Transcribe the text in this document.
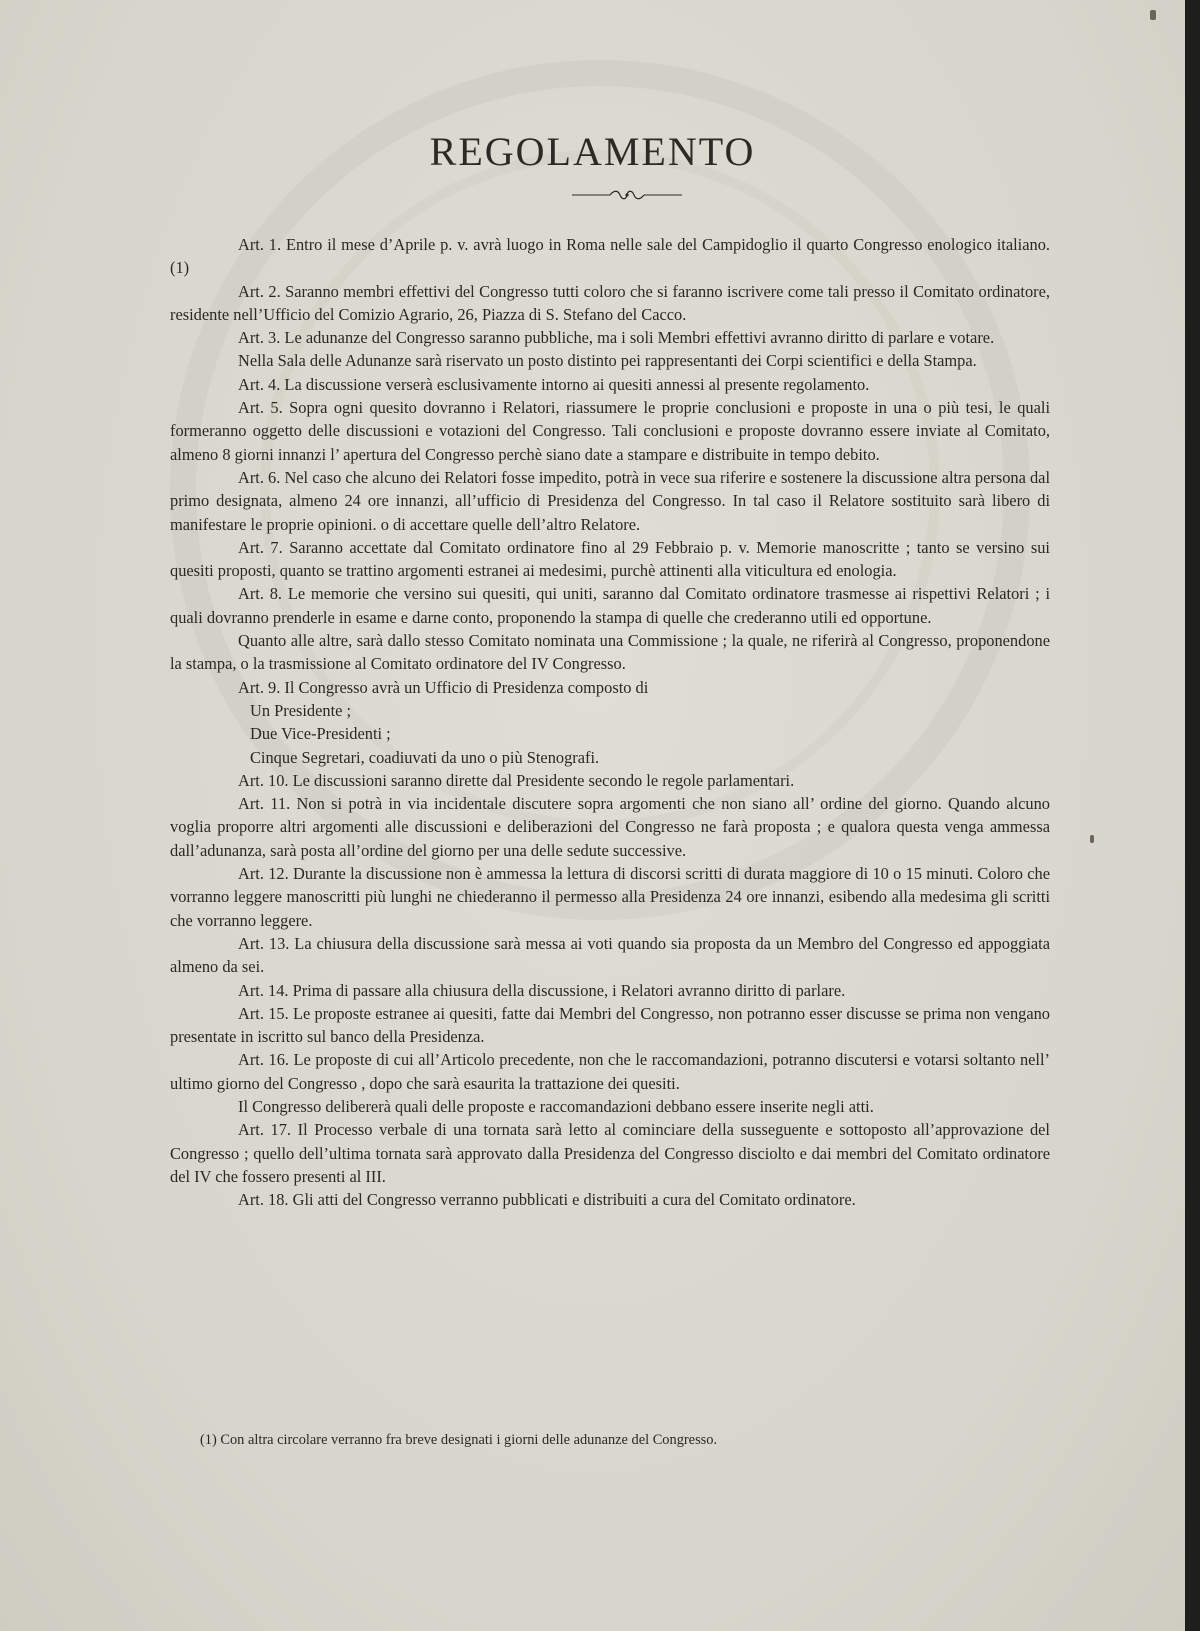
REGOLAMENTO

Art. 1. Entro il mese d’Aprile p. v. avrà luogo in Roma nelle sale del Campidoglio il quarto Congresso enologico italiano. (1)

Art. 2. Saranno membri effettivi del Congresso tutti coloro che si faranno iscrivere come tali presso il Comitato ordinatore, residente nell’Ufficio del Comizio Agrario, 26, Piazza di S. Stefano del Cacco.

Art. 3. Le adunanze del Congresso saranno pubbliche, ma i soli Membri effettivi avranno diritto di parlare e votare.

Nella Sala delle Adunanze sarà riservato un posto distinto pei rappresentanti dei Corpi scientifici e della Stampa.

Art. 4. La discussione verserà esclusivamente intorno ai quesiti annessi al presente regolamento.

Art. 5. Sopra ogni quesito dovranno i Relatori, riassumere le proprie conclusioni e proposte in una o più tesi, le quali formeranno oggetto delle discussioni e votazioni del Congresso. Tali conclusioni e proposte dovranno essere inviate al Comitato, almeno 8 giorni innanzi l’ apertura del Congresso perchè siano date a stampare e distribuite in tempo debito.

Art. 6. Nel caso che alcuno dei Relatori fosse impedito, potrà in vece sua riferire e sostenere la discussione altra persona dal primo designata, almeno 24 ore innanzi, all’ufficio di Presidenza del Congresso. In tal caso il Relatore sostituito sarà libero di manifestare le proprie opinioni. o di accettare quelle dell’altro Relatore.

Art. 7. Saranno accettate dal Comitato ordinatore fino al 29 Febbraio p. v. Memorie manoscritte ; tanto se versino sui quesiti proposti, quanto se trattino argomenti estranei ai medesimi, purchè attinenti alla viticultura ed enologia.

Art. 8. Le memorie che versino sui quesiti, qui uniti, saranno dal Comitato ordinatore trasmesse ai rispettivi Relatori ; i quali dovranno prenderle in esame e darne conto, proponendo la stampa di quelle che crederanno utili ed opportune.

Quanto alle altre, sarà dallo stesso Comitato nominata una Commissione ; la quale, ne riferirà al Congresso, proponendone la stampa, o la trasmissione al Comitato ordinatore del IV Congresso.

Art. 9. Il Congresso avrà un Ufficio di Presidenza composto di

Un Presidente ;

Due Vice-Presidenti ;

Cinque Segretari, coadiuvati da uno o più Stenografi.

Art. 10. Le discussioni saranno dirette dal Presidente secondo le regole parlamentari.

Art. 11. Non si potrà in via incidentale discutere sopra argomenti che non siano all’ ordine del giorno. Quando alcuno voglia proporre altri argomenti alle discussioni e deliberazioni del Congresso ne farà proposta ; e qualora questa venga ammessa dall’adunanza, sarà posta all’ordine del giorno per una delle sedute successive.

Art. 12. Durante la discussione non è ammessa la lettura di discorsi scritti di durata maggiore di 10 o 15 minuti. Coloro che vorranno leggere manoscritti più lunghi ne chiederanno il permesso alla Presidenza 24 ore innanzi, esibendo alla medesima gli scritti che vorranno leggere.

Art. 13. La chiusura della discussione sarà messa ai voti quando sia proposta da un Membro del Congresso ed appoggiata almeno da sei.

Art. 14. Prima di passare alla chiusura della discussione, i Relatori avranno diritto di parlare.

Art. 15. Le proposte estranee ai quesiti, fatte dai Membri del Congresso, non potranno esser discusse se prima non vengano presentate in iscritto sul banco della Presidenza.

Art. 16. Le proposte di cui all’Articolo precedente, non che le raccomandazioni, potranno discutersi e votarsi soltanto nell’ ultimo giorno del Congresso , dopo che sarà esaurita la trattazione dei quesiti.

Il Congresso delibererà quali delle proposte e raccomandazioni debbano essere inserite negli atti.

Art. 17. Il Processo verbale di una tornata sarà letto al cominciare della susseguente e sottoposto all’approvazione del Congresso ; quello dell’ultima tornata sarà approvato dalla Presidenza del Congresso disciolto e dai membri del Comitato ordinatore del IV che fossero presenti al III.

Art. 18. Gli atti del Congresso verranno pubblicati e distribuiti a cura del Comitato ordinatore.

(1) Con altra circolare verranno fra breve designati i giorni delle adunanze del Congresso.
